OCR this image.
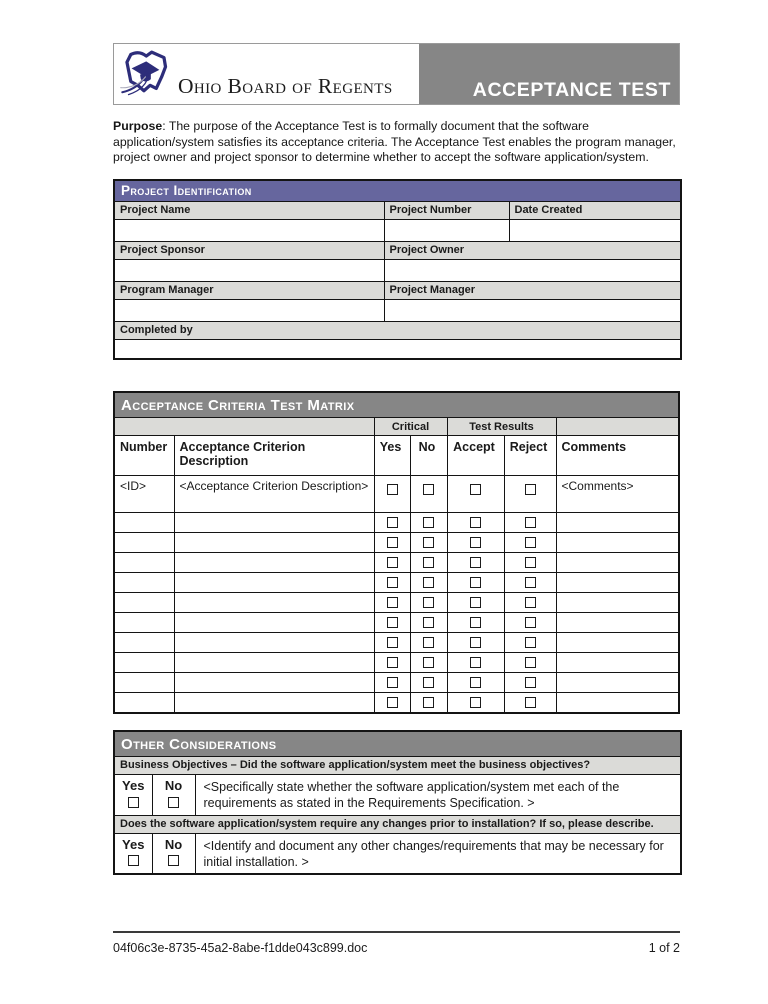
Ohio Board of Regents	ACCEPTANCE TEST

Purpose: The purpose of the Acceptance Test is to formally document that the software application/system satisfies its acceptance criteria. The Acceptance Test enables the program manager, project owner and project sponsor to determine whether to accept the software application/system.

Project Identification		
Project Name	Project Number	Date Created

Project Sponsor	Project Owner	

Program Manager	Project Manager	

Completed by		

Acceptance Criteria Test Matrix						
		Critical		Test Results		
Number	Acceptance Criterion Description	Yes	No	Accept	Reject	Comments
<ID>	<Acceptance Criterion Description>					<Comments>

Other Considerations		
Business Objectives – Did the software application/system meet the business objectives?		

Yes	No	<Specifically state whether the software application/system met each of the requirements as stated in the Requirements Specification. >
Does the software application/system require any changes prior to installation? If so, please describe.		

Yes	No	<Identify and document any other changes/requirements that may be necessary for initial installation. >
04f06c3e-8735-45a2-8abe-f1dde043c899.doc	1 of 2
